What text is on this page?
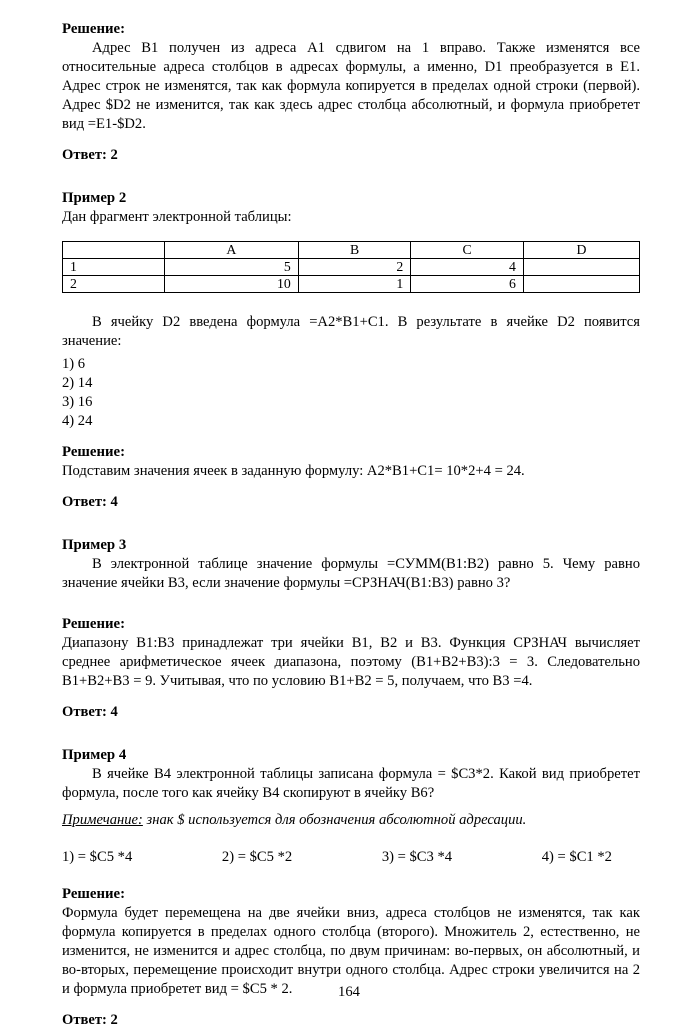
Решение:

Адрес В1 получен из адреса А1 сдвигом на 1 вправо. Также изменятся все относительные адреса столбцов в адресах формулы, а именно, D1 преобразуется в Е1. Адрес строк не изменятся, так как формула копируется в пределах одной строки (первой). Адрес $D2 не изменится, так как здесь адрес столбца абсолютный, и формула приобретет вид =Е1-$D2.

Ответ: 2
Пример 2

Дан фрагмент электронной таблицы:

	А	В	С	D
1	5	2	4	
2	10	1	6	

В ячейку D2 введена формула =А2*В1+С1. В результате в ячейке D2 появится значение:

1) 6
2) 14
3) 16
4) 24
Решение:

Подставим значения ячеек в заданную формулу: А2*В1+С1= 10*2+4 = 24.

Ответ: 4
Пример 3

В электронной таблице значение формулы =СУММ(В1:В2) равно 5. Чему равно значение ячейки В3, если значение формулы =СРЗНАЧ(В1:В3) равно 3?

Решение:

Диапазону В1:В3 принадлежат три ячейки В1, В2 и В3. Функция СРЗНАЧ вычисляет среднее арифметическое ячеек диапазона, поэтому (В1+В2+В3):3 = 3. Следовательно В1+В2+В3 = 9. Учитывая, что по условию В1+В2 = 5, получаем, что В3 =4.

Ответ: 4
Пример 4

В ячейке В4 электронной таблицы записана формула = $С3*2. Какой вид приобретет формула, после того как ячейку В4 скопируют в ячейку В6?

Примечание: знак $ используется для обозначения абсолютной адресации.

1) = $C5 *4	2) = $C5 *2	3) = $C3 *4	4) = $C1 *2
Решение:

Формула будет перемещена на две ячейки вниз, адреса столбцов не изменятся, так как формула копируется в пределах одного столбца (второго). Множитель 2, естественно, не изменится, не изменится и адрес столбца, по двум причинам: во-первых, он абсолютный, и во-вторых, перемещение происходит внутри одного столбца. Адрес строки увеличится на 2 и формула приобретет вид = $С5 * 2.

Ответ: 2
164
